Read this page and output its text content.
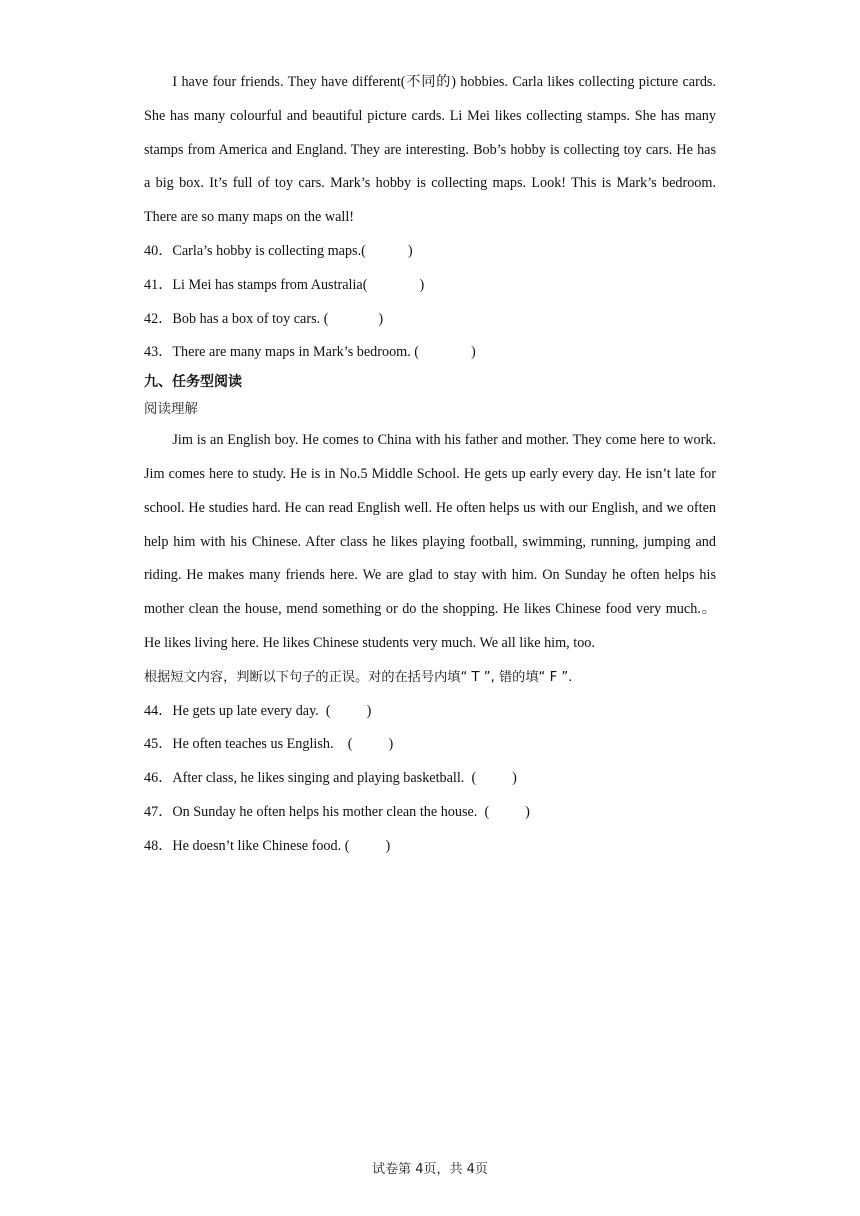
I have four friends. They have different(不同的) hobbies. Carla likes collecting picture cards. She has many colourful and beautiful picture cards. Li Mei likes collecting stamps. She has many stamps from America and England. They are interesting. Bob’s hobby is collecting toy cars. He has a big box. It’s full of toy cars. Mark’s hobby is collecting maps. Look! This is Mark’s bedroom. There are so many maps on the wall!

40．Carla’s hobby is collecting maps.(	)

41．Li Mei has stamps from Australia(	)

42．Bob has a box of toy cars. (	)

43．There are many maps in Mark’s bedroom. (	)

九、任务型阅读

阅读理解

Jim is an English boy. He comes to China with his father and mother. They come here to work. Jim comes here to study. He is in No.5 Middle School. He gets up early every day. He isn’t late for school. He studies hard. He can read English well. He often helps us with our English, and we often help him with his Chinese. After class he likes playing football, swimming, running, jumping and riding. He makes many friends here. We are glad to stay with him. On Sunday he often helps his mother clean the house, mend something or do the shopping. He likes Chinese food very much.。He likes living here. He likes Chinese students very much. We all like him, too.

根据短文内容，判断以下句子的正误。对的在括号内填“ T ”, 错的填“ F ”.

44．He gets up late every day.  (	)

45．He often teaches us English.    (	)

46．After class, he likes singing and playing basketball.  (	)

47．On Sunday he often helps his mother clean the house.  (	)

48．He doesn’t like Chinese food. (	)

试卷第 4页，共 4页
